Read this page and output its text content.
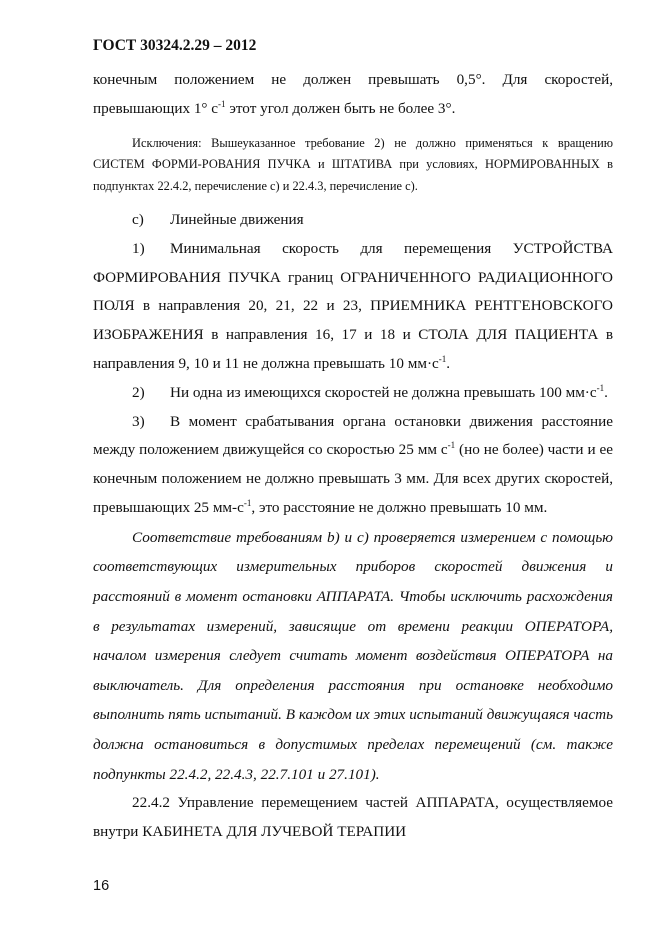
ГОСТ 30324.2.29 – 2012

конечным положением не должен превышать 0,5°. Для скоростей, превышающих 1° $с^{-1}$ этот угол должен быть не более 3°.

Исключения: Вышеуказанное требование 2) не должно применяться к вращению СИСТЕМ ФОРМИ-РОВАНИЯ ПУЧКА и ШТАТИВА при условиях, НОРМИРОВАННЫХ в подпунктах 22.4.2, перечисление с) и 22.4.3, перечисление с).

с) Линейные движения

1) Минимальная скорость для перемещения УСТРОЙСТВА ФОРМИРОВАНИЯ ПУЧКА границ ОГРАНИЧЕННОГО РАДИАЦИОННОГО ПОЛЯ в направления 20, 21, 22 и 23, ПРИЕМНИКА РЕНТГЕНОВСКОГО ИЗОБРАЖЕНИЯ в направления 16, 17 и 18 и СТОЛА ДЛЯ ПАЦИЕНТА в направления 9, 10 и 11 не должна превышать 10 $мм\cdot с^{-1}$.

2) Ни одна из имеющихся скоростей не должна превышать 100 $мм\cdot с^{-1}$.

3) В момент срабатывания органа остановки движения расстояние между положением движущейся со скоростью 25 мм $с^{-1}$ (но не более) части и ее конечным положением не должно превышать 3 мм. Для всех других скоростей, превышающих 25 $мм-с^{-1}$, это расстояние не должно превышать 10 мм.

Соответствие требованиям b) и с) проверяется измерением с помощью соответствующих измерительных приборов скоростей движения и расстояний в момент остановки АППАРАТА. Чтобы исключить расхождения в результатах измерений, зависящие от времени реакции ОПЕРАТОРА, началом измерения следует считать момент воздействия ОПЕРАТОРА на выключатель. Для определения расстояния при остановке необходимо выполнить пять испытаний. В каждом их этих испытаний движущаяся часть должна остановиться в допустимых пределах перемещений (см. также подпункты 22.4.2, 22.4.3, 22.7.101 и 27.101).

22.4.2 Управление перемещением частей АППАРАТА, осуществляемое внутри КАБИНЕТА ДЛЯ ЛУЧЕВОЙ ТЕРАПИИ

16
